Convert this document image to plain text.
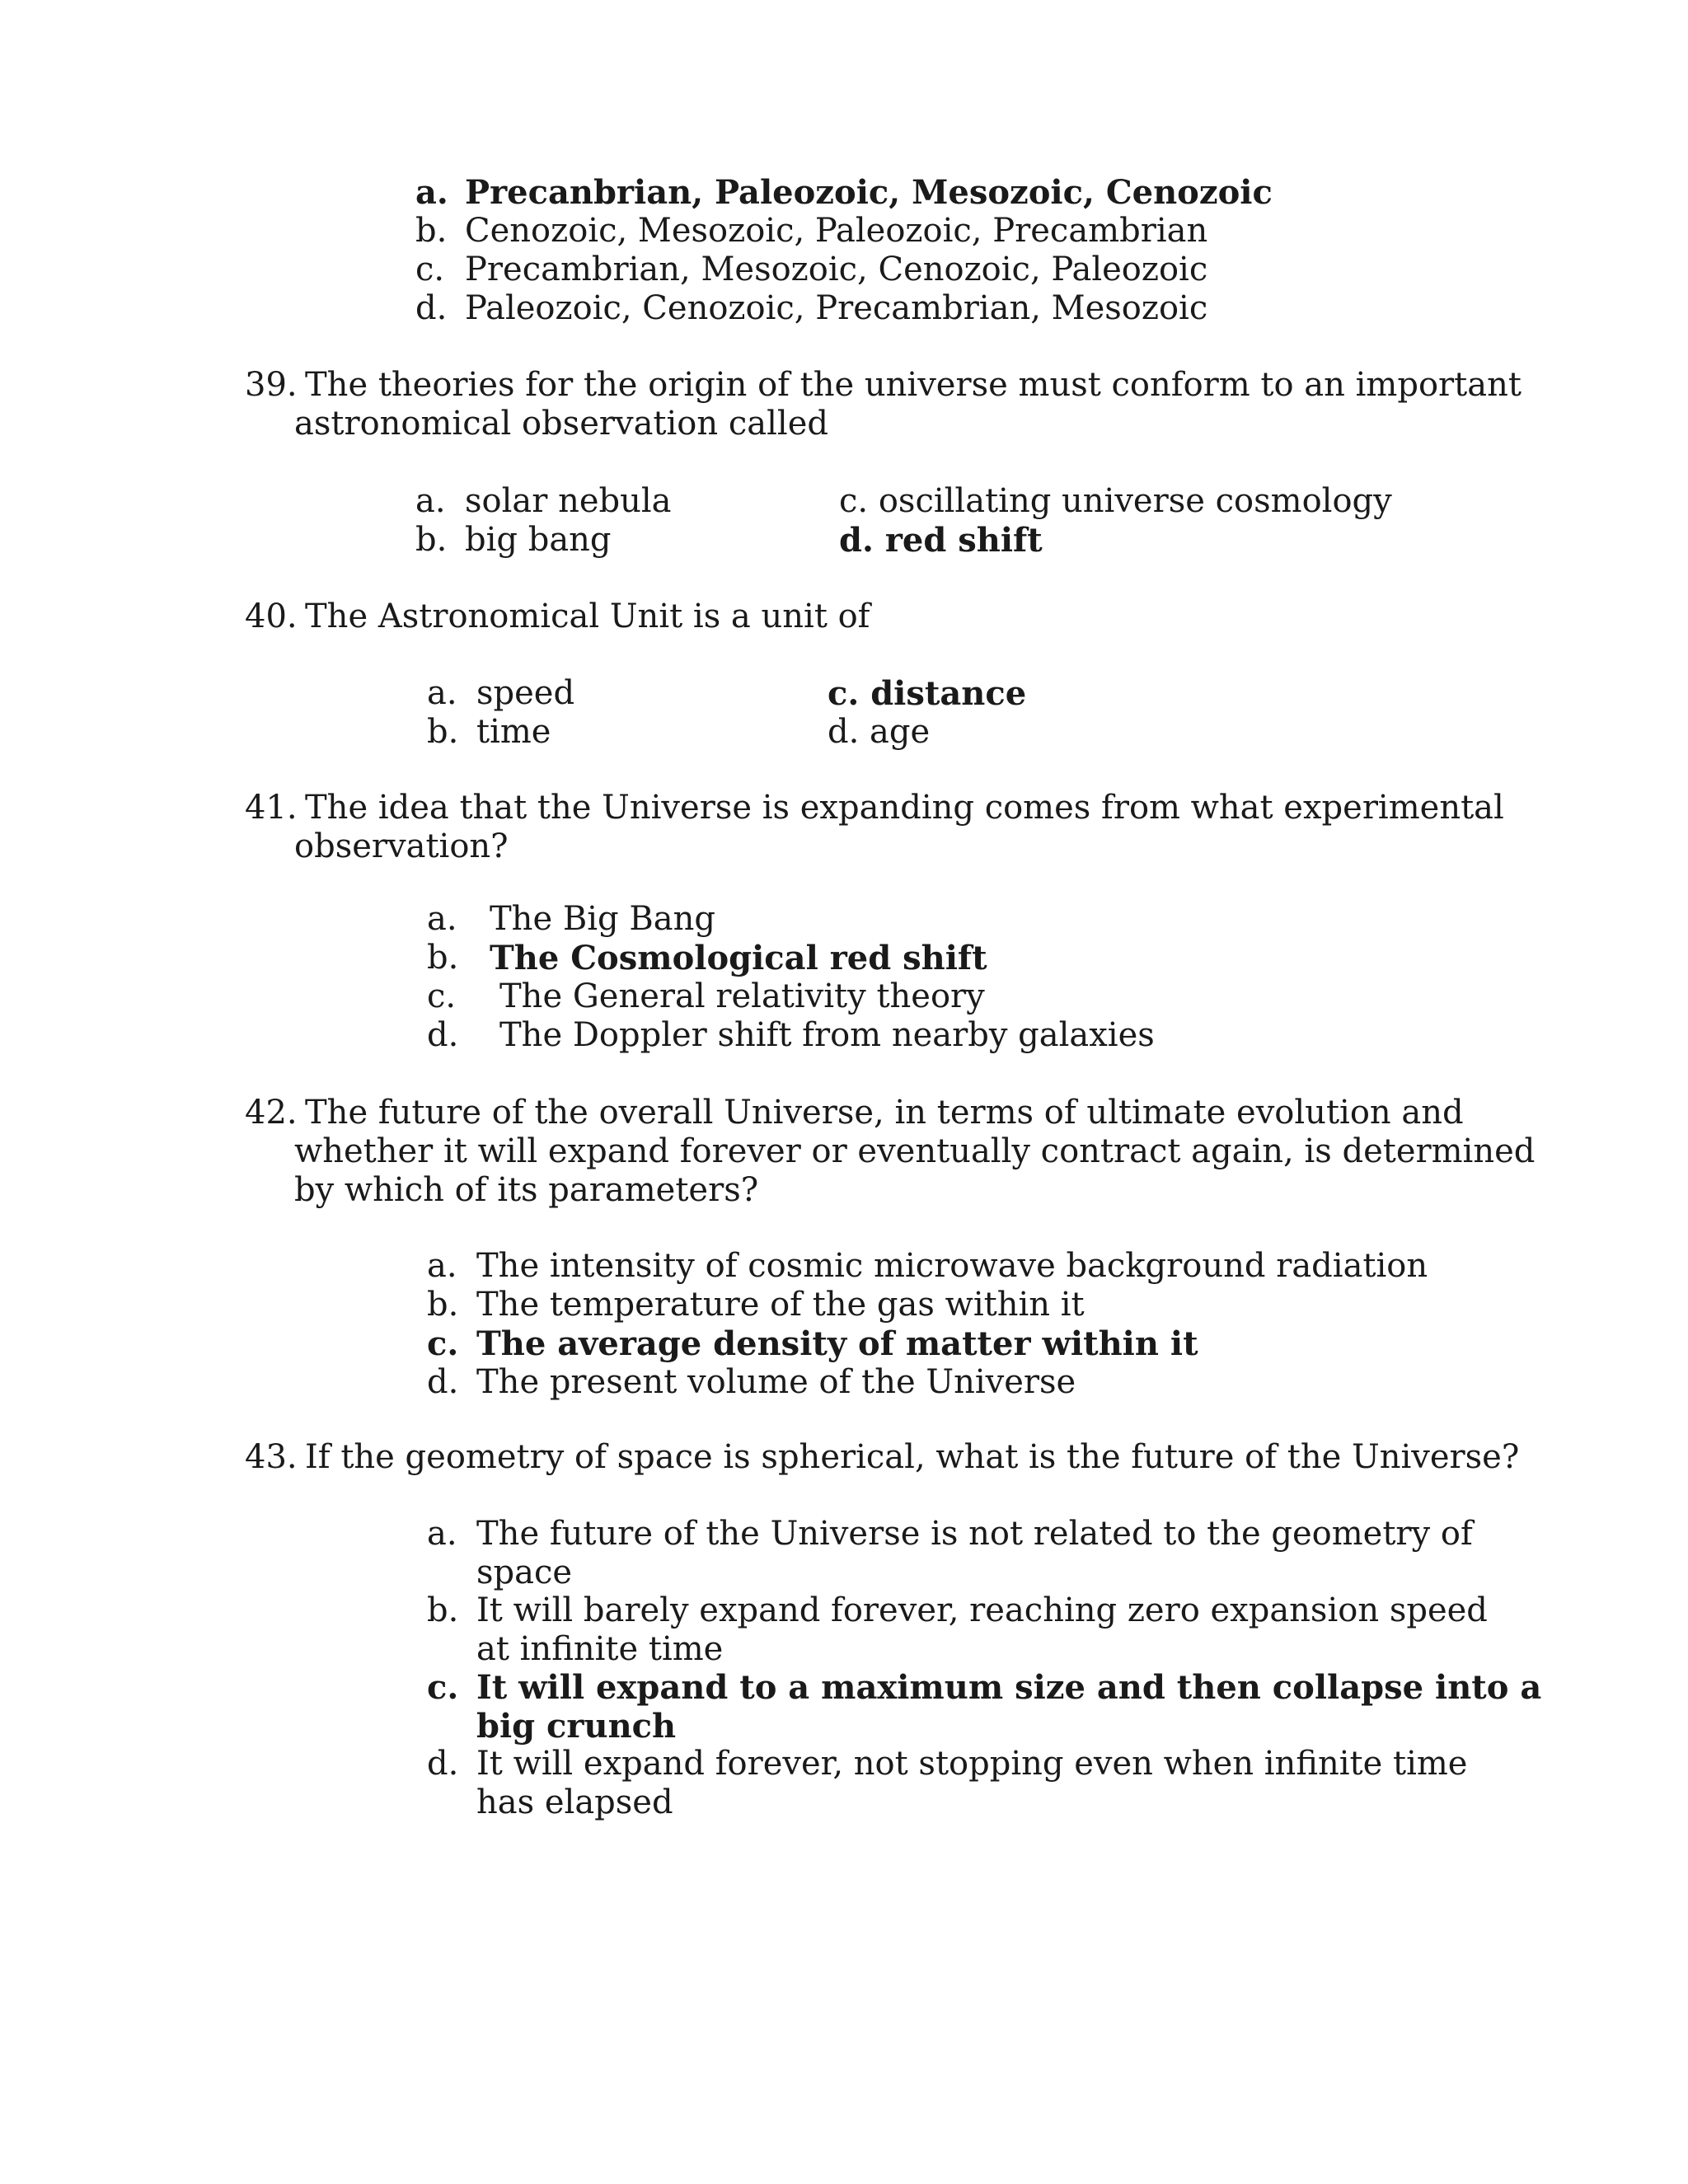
a. Precanbrian, Paleozoic, Mesozoic, Cenozoic
b. Cenozoic, Mesozoic, Paleozoic, Precambrian
c. Precambrian, Mesozoic, Cenozoic, Paleozoic
d. Paleozoic, Cenozoic, Precambrian, Mesozoic
39. The theories for the origin of the universe must conform to an important
astronomical observation called
a. solar nebula
b. big bang
c. oscillating universe cosmology
d. red shift
40. The Astronomical Unit is a unit of
a. speed
b. time
c. distance
d. age
41. The idea that the Universe is expanding comes from what experimental
observation?
a. The Big Bang
b. The Cosmological red shift
c. The General relativity theory
d. The Doppler shift from nearby galaxies
42. The future of the overall Universe, in terms of ultimate evolution and
whether it will expand forever or eventually contract again, is determined
by which of its parameters?
a. The intensity of cosmic microwave background radiation
b. The temperature of the gas within it
c. The average density of matter within it
d. The present volume of the Universe
43. If the geometry of space is spherical, what is the future of the Universe?
a. The future of the Universe is not related to the geometry of
space
b. It will barely expand forever, reaching zero expansion speed
at infinite time
c. It will expand to a maximum size and then collapse into a
big crunch
d. It will expand forever, not stopping even when infinite time
has elapsed
